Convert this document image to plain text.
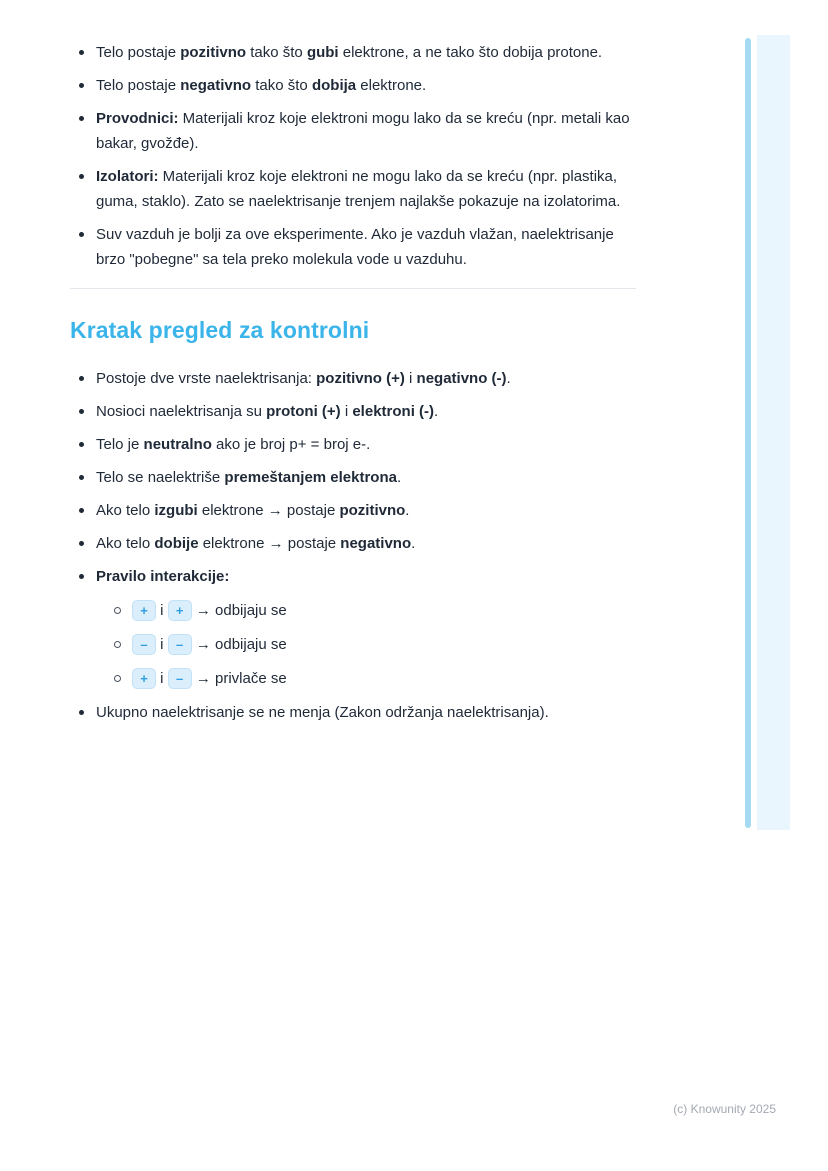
Telo postaje pozitivno tako što gubi elektrone, a ne tako što dobija protone.
Telo postaje negativno tako što dobija elektrone.
Provodnici: Materijali kroz koje elektroni mogu lako da se kreću (npr. metali kao bakar, gvožđe).
Izolatori: Materijali kroz koje elektroni ne mogu lako da se kreću (npr. plastika, guma, staklo). Zato se naelektrisanje trenjem najlakše pokazuje na izolatorima.
Suv vazduh je bolji za ove eksperimente. Ako je vazduh vlažan, naelektrisanje brzo "pobegne" sa tela preko molekula vode u vazduhu.
Kratak pregled za kontrolni
Postoje dve vrste naelektrisanja: pozitivno (+) i negativno (-).
Nosioci naelektrisanja su protoni (+) i elektroni (-).
Telo je neutralno ako je broj p+ = broj e-.
Telo se naelektriše premeštanjem elektrona.
Ako telo izgubi elektrone → postaje pozitivno.
Ako telo dobije elektrone → postaje negativno.
Pravilo interakcije:
+ i + → odbijaju se
– i – → odbijaju se
+ i – → privlače se
Ukupno naelektrisanje se ne menja (Zakon održanja naelektrisanja).
(c) Knowunity 2025
